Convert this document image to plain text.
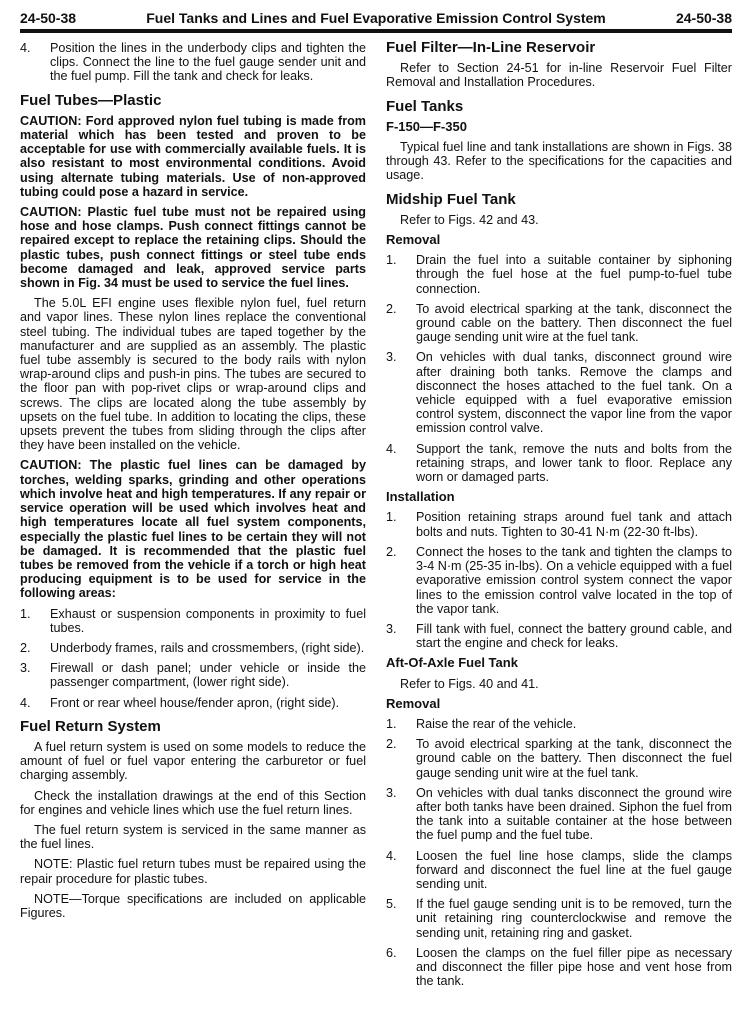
24-50-38	Fuel Tanks and Lines and Fuel Evaporative Emission Control System	24-50-38
4.	Position the lines in the underbody clips and tighten the clips. Connect the line to the fuel gauge sender unit and the fuel pump. Fill the tank and check for leaks.
Fuel Tubes—Plastic

CAUTION: Ford approved nylon fuel tubing is made from material which has been tested and proven to be acceptable for use with commercially available fuels. It is also resistant to most environmental conditions. Avoid using alternate tubing materials. Use of non-approved tubing could pose a hazard in service.

CAUTION: Plastic fuel tube must not be repaired using hose and hose clamps. Push connect fittings cannot be repaired except to replace the retaining clips. Should the plastic tubes, push connect fittings or steel tube ends become damaged and leak, approved service parts shown in Fig. 34 must be used to service the fuel lines.

The 5.0L EFI engine uses flexible nylon fuel, fuel return and vapor lines. These nylon lines replace the conventional steel tubing. The individual tubes are taped together by the manufacturer and are supplied as an assembly. The plastic fuel tube assembly is secured to the body rails with nylon wrap-around clips and push-in pins. The tubes are secured to the floor pan with pop-rivet clips or wrap-around clips and screws. The clips are located along the tube assembly by upsets on the fuel tube. In addition to locating the clips, these upsets prevent the tubes from sliding through the clips after they have been installed on the vehicle.

CAUTION: The plastic fuel lines can be damaged by torches, welding sparks, grinding and other operations which involve heat and high temperatures. If any repair or service operation will be used which involves heat and high temperatures locate all fuel system components, especially the plastic fuel lines to be certain they will not be damaged. It is recommended that the plastic fuel tubes be removed from the vehicle if a torch or high heat producing equipment is to be used for service in the following areas:

1.	Exhaust or suspension components in proximity to fuel tubes.
2.	Underbody frames, rails and crossmembers, (right side).
3.	Firewall or dash panel; under vehicle or inside the passenger compartment, (lower right side).
4.	Front or rear wheel house/fender apron, (right side).
Fuel Return System

A fuel return system is used on some models to reduce the amount of fuel or fuel vapor entering the carburetor or fuel charging assembly.

Check the installation drawings at the end of this Section for engines and vehicle lines which use the fuel return lines.

The fuel return system is serviced in the same manner as the fuel lines.

NOTE: Plastic fuel return tubes must be repaired using the repair procedure for plastic tubes.

NOTE—Torque specifications are included on applicable Figures.

Fuel Filter—In-Line Reservoir

Refer to Section 24-51 for in-line Reservoir Fuel Filter Removal and Installation Procedures.

Fuel Tanks
F-150—F-350

Typical fuel line and tank installations are shown in Figs. 38 through 43. Refer to the specifications for the capacities and usage.

Midship Fuel Tank

Refer to Figs. 42 and 43.

Removal
1.	Drain the fuel into a suitable container by siphoning through the fuel hose at the fuel pump-to-fuel tube connection.
2.	To avoid electrical sparking at the tank, disconnect the ground cable on the battery. Then disconnect the fuel gauge sending unit wire at the fuel tank.
3.	On vehicles with dual tanks, disconnect ground wire after draining both tanks. Remove the clamps and disconnect the hoses attached to the fuel tank. On a vehicle equipped with a fuel evaporative emission control system, disconnect the vapor line from the vapor emission control valve.
4.	Support the tank, remove the nuts and bolts from the retaining straps, and lower tank to floor. Replace any worn or damaged parts.
Installation
1.	Position retaining straps around fuel tank and attach bolts and nuts. Tighten to 30-41 N·m (22-30 ft-lbs).
2.	Connect the hoses to the tank and tighten the clamps to 3-4 N·m (25-35 in-lbs). On a vehicle equipped with a fuel evaporative emission control system connect the vapor lines to the emission control valve located in the top of the vapor tank.
3.	Fill tank with fuel, connect the battery ground cable, and start the engine and check for leaks.
Aft-Of-Axle Fuel Tank

Refer to Figs. 40 and 41.

Removal
1.	Raise the rear of the vehicle.
2.	To avoid electrical sparking at the tank, disconnect the ground cable on the battery. Then disconnect the fuel gauge sending unit wire at the fuel tank.
3.	On vehicles with dual tanks disconnect the ground wire after both tanks have been drained. Siphon the fuel from the tank into a suitable container at the hose between the fuel pump and the fuel tube.
4.	Loosen the fuel line hose clamps, slide the clamps forward and disconnect the fuel line at the fuel gauge sending unit.
5.	If the fuel gauge sending unit is to be removed, turn the unit retaining ring counterclockwise and remove the sending unit, retaining ring and gasket.
6.	Loosen the clamps on the fuel filler pipe as necessary and disconnect the filler pipe hose and vent hose from the tank.
